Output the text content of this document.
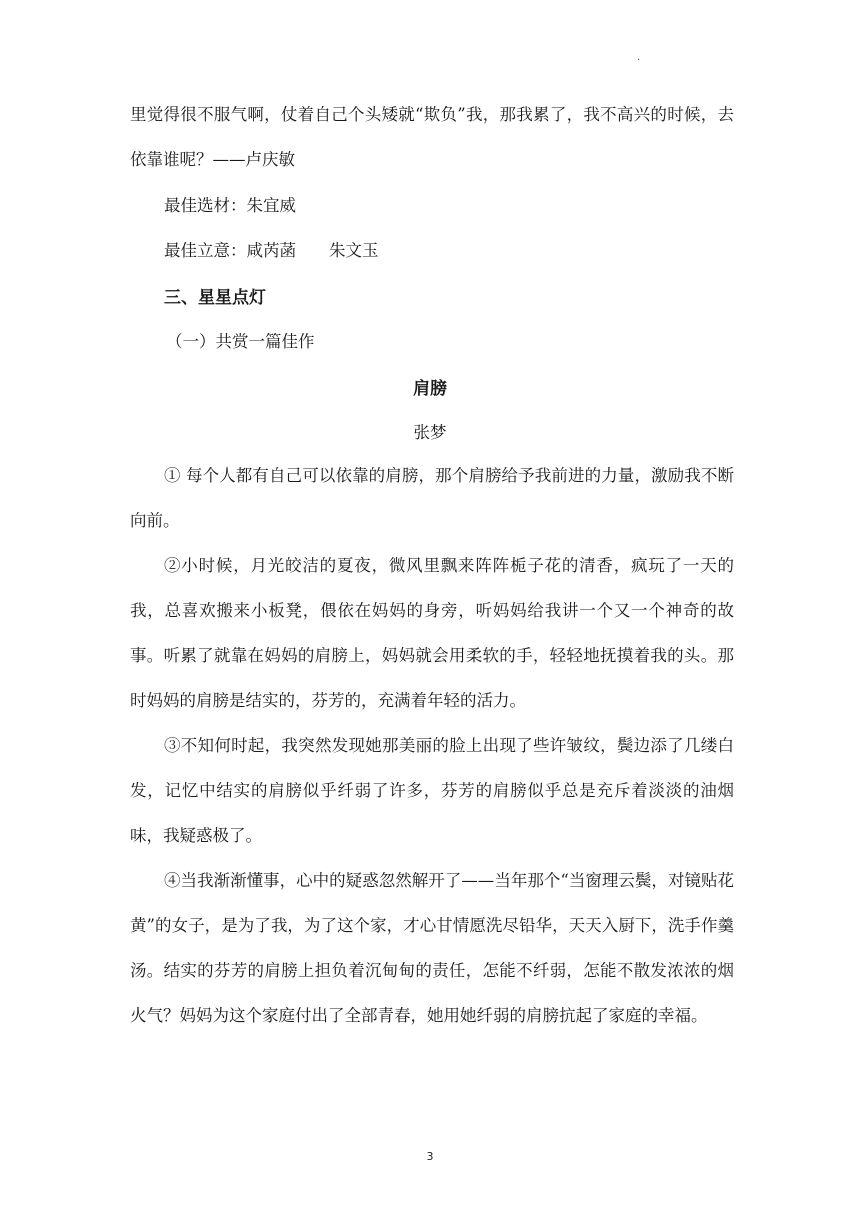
.

里觉得很不服气啊，仗着自己个头矮就“欺负”我，那我累了，我不高兴的时候，去依靠谁呢？——卢庆敏

最佳选材：朱宜威
最佳立意：咸芮菡　　朱文玉
三、星星点灯
（一）共赏一篇佳作
肩膀
张梦

① 每个人都有自己可以依靠的肩膀，那个肩膀给予我前进的力量，激励我不断向前。

②小时候，月光皎洁的夏夜，微风里飘来阵阵栀子花的清香，疯玩了一天的我，总喜欢搬来小板凳，偎依在妈妈的身旁，听妈妈给我讲一个又一个神奇的故事。听累了就靠在妈妈的肩膀上，妈妈就会用柔软的手，轻轻地抚摸着我的头。那时妈妈的肩膀是结实的，芬芳的，充满着年轻的活力。

③不知何时起，我突然发现她那美丽的脸上出现了些许皱纹，鬓边添了几缕白发，记忆中结实的肩膀似乎纤弱了许多，芬芳的肩膀似乎总是充斥着淡淡的油烟味，我疑惑极了。

④当我渐渐懂事，心中的疑惑忽然解开了——当年那个“当窗理云鬓，对镜贴花黄”的女子，是为了我，为了这个家，才心甘情愿洗尽铅华，天天入厨下，洗手作羹汤。结实的芬芳的肩膀上担负着沉甸甸的责任，怎能不纤弱，怎能不散发浓浓的烟火气？妈妈为这个家庭付出了全部青春，她用她纤弱的肩膀抗起了家庭的幸福。

3
